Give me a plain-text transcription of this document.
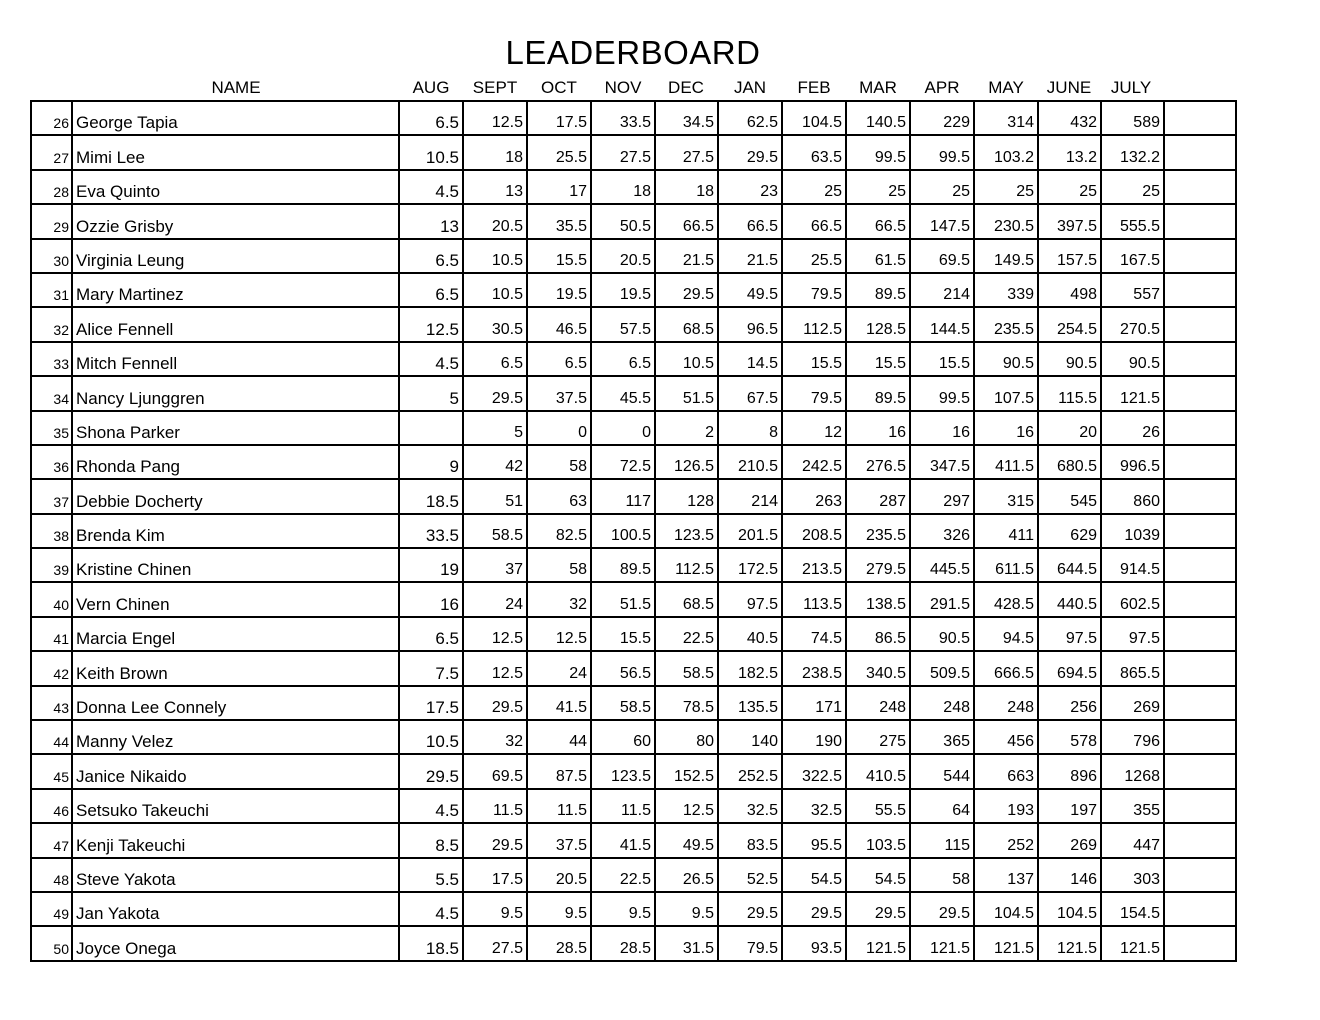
LEADERBOARD
NAME	AUG	SEPT	OCT	NOV	DEC	JAN	FEB	MAR	APR	MAY	JUNE	JULY
26	George Tapia	6.5	12.5	17.5	33.5	34.5	62.5	104.5	140.5	229	314	432	589	
27	Mimi Lee	10.5	18	25.5	27.5	27.5	29.5	63.5	99.5	99.5	103.2	13.2	132.2	
28	Eva Quinto	4.5	13	17	18	18	23	25	25	25	25	25	25	
29	Ozzie Grisby	13	20.5	35.5	50.5	66.5	66.5	66.5	66.5	147.5	230.5	397.5	555.5	
30	Virginia Leung	6.5	10.5	15.5	20.5	21.5	21.5	25.5	61.5	69.5	149.5	157.5	167.5	
31	Mary Martinez	6.5	10.5	19.5	19.5	29.5	49.5	79.5	89.5	214	339	498	557	
32	Alice Fennell	12.5	30.5	46.5	57.5	68.5	96.5	112.5	128.5	144.5	235.5	254.5	270.5	
33	Mitch Fennell	4.5	6.5	6.5	6.5	10.5	14.5	15.5	15.5	15.5	90.5	90.5	90.5	
34	Nancy Ljunggren	5	29.5	37.5	45.5	51.5	67.5	79.5	89.5	99.5	107.5	115.5	121.5	
35	Shona Parker		5	0	0	2	8	12	16	16	16	20	26	
36	Rhonda Pang	9	42	58	72.5	126.5	210.5	242.5	276.5	347.5	411.5	680.5	996.5	
37	Debbie Docherty	18.5	51	63	117	128	214	263	287	297	315	545	860	
38	Brenda Kim	33.5	58.5	82.5	100.5	123.5	201.5	208.5	235.5	326	411	629	1039	
39	Kristine Chinen	19	37	58	89.5	112.5	172.5	213.5	279.5	445.5	611.5	644.5	914.5	
40	Vern Chinen	16	24	32	51.5	68.5	97.5	113.5	138.5	291.5	428.5	440.5	602.5	
41	Marcia Engel	6.5	12.5	12.5	15.5	22.5	40.5	74.5	86.5	90.5	94.5	97.5	97.5	
42	Keith Brown	7.5	12.5	24	56.5	58.5	182.5	238.5	340.5	509.5	666.5	694.5	865.5	
43	Donna Lee Connely	17.5	29.5	41.5	58.5	78.5	135.5	171	248	248	248	256	269	
44	Manny Velez	10.5	32	44	60	80	140	190	275	365	456	578	796	
45	Janice Nikaido	29.5	69.5	87.5	123.5	152.5	252.5	322.5	410.5	544	663	896	1268	
46	Setsuko Takeuchi	4.5	11.5	11.5	11.5	12.5	32.5	32.5	55.5	64	193	197	355	
47	Kenji Takeuchi	8.5	29.5	37.5	41.5	49.5	83.5	95.5	103.5	115	252	269	447	
48	Steve Yakota	5.5	17.5	20.5	22.5	26.5	52.5	54.5	54.5	58	137	146	303	
49	Jan Yakota	4.5	9.5	9.5	9.5	9.5	29.5	29.5	29.5	29.5	104.5	104.5	154.5	
50	Joyce Onega	18.5	27.5	28.5	28.5	31.5	79.5	93.5	121.5	121.5	121.5	121.5	121.5	
